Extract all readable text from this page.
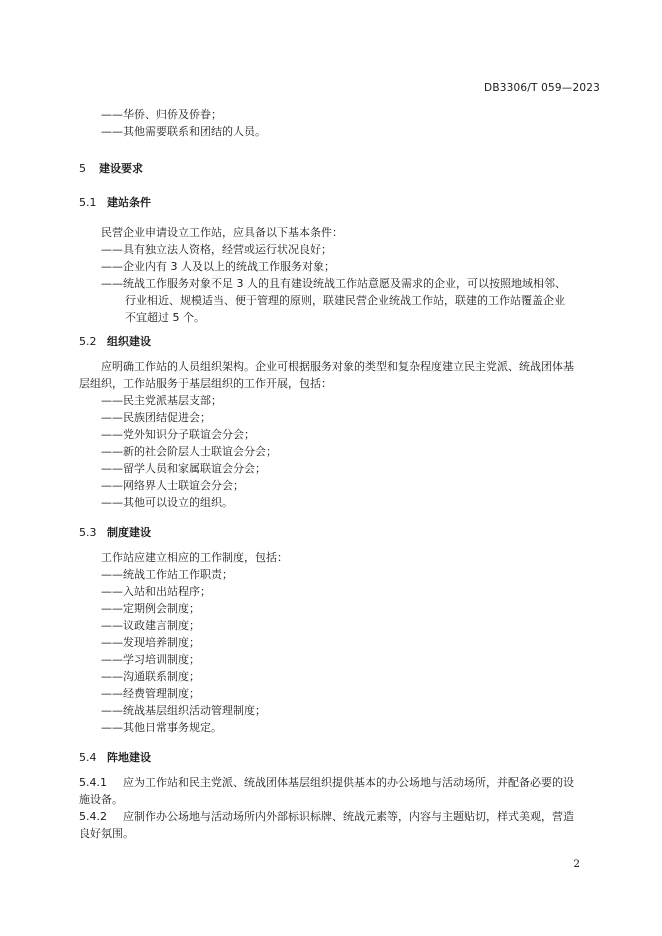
DB3306/T 059—2023
——华侨、归侨及侨眷；
——其他需要联系和团结的人员。
5 建设要求
5.1 建站条件
民营企业申请设立工作站，应具备以下基本条件：
——具有独立法人资格，经营或运行状况良好；
——企业内有 3 人及以上的统战工作服务对象；
——统战工作服务对象不足 3 人的且有建设统战工作站意愿及需求的企业，可以按照地域相邻、
行业相近、规模适当、便于管理的原则，联建民营企业统战工作站，联建的工作站覆盖企业
不宜超过 5 个。
5.2 组织建设
应明确工作站的人员组织架构。企业可根据服务对象的类型和复杂程度建立民主党派、统战团体基
层组织，工作站服务于基层组织的工作开展，包括：
——民主党派基层支部；
——民族团结促进会；
——党外知识分子联谊会分会；
——新的社会阶层人士联谊会分会；
——留学人员和家属联谊会分会；
——网络界人士联谊会分会；
——其他可以设立的组织。
5.3 制度建设
工作站应建立相应的工作制度，包括：
——统战工作站工作职责；
——入站和出站程序；
——定期例会制度；
——议政建言制度；
——发现培养制度；
——学习培训制度；
——沟通联系制度；
——经费管理制度；
——统战基层组织活动管理制度；
——其他日常事务规定。
5.4 阵地建设
5.4.1 应为工作站和民主党派、统战团体基层组织提供基本的办公场地与活动场所，并配备必要的设
施设备。
5.4.2 应制作办公场地与活动场所内外部标识标牌、统战元素等，内容与主题贴切，样式美观，营造
良好氛围。
2
